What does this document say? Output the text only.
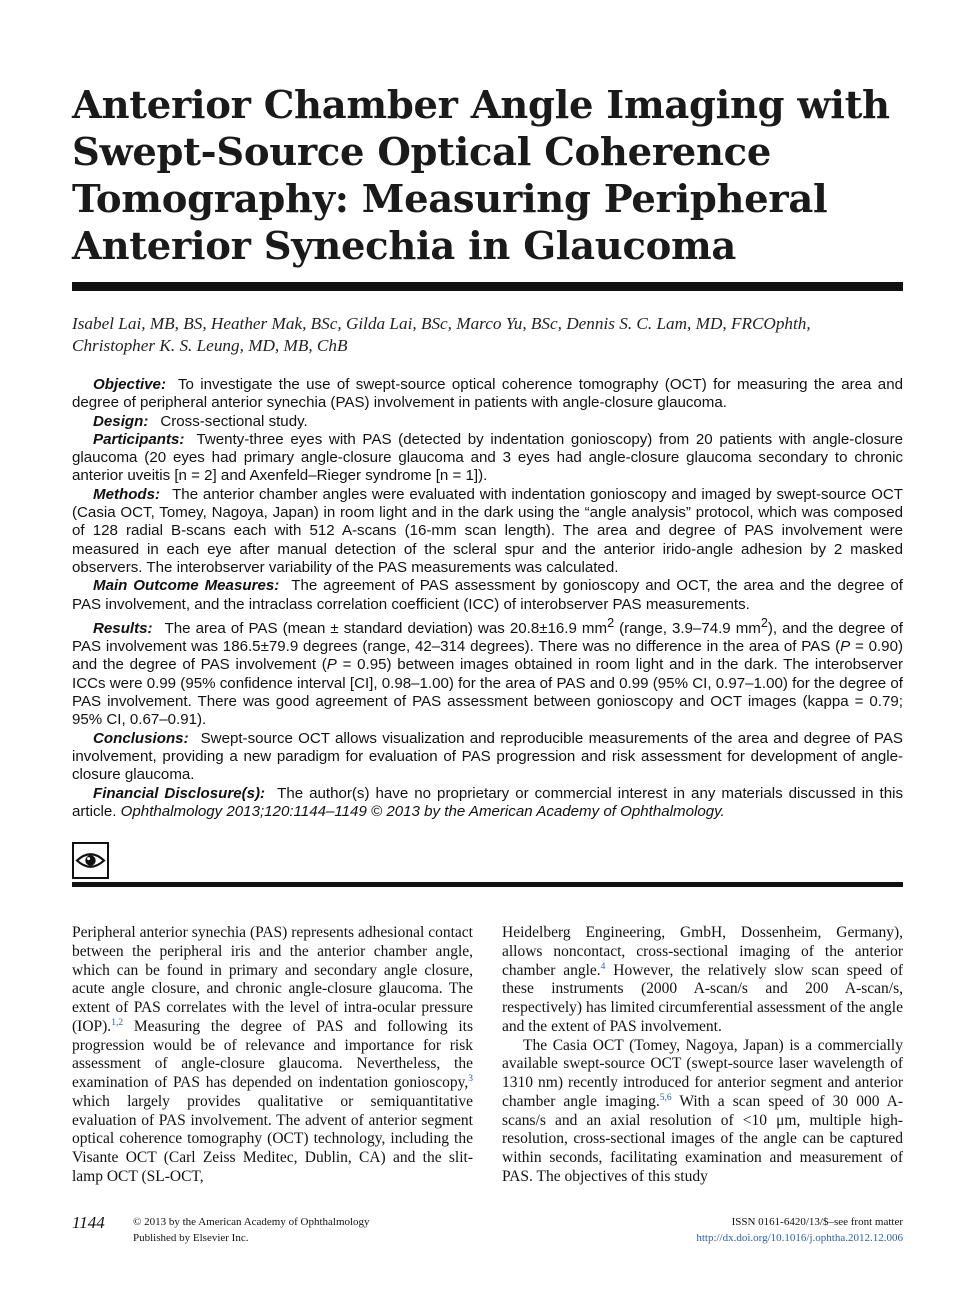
Anterior Chamber Angle Imaging with Swept-Source Optical Coherence Tomography: Measuring Peripheral Anterior Synechia in Glaucoma
Isabel Lai, MB, BS, Heather Mak, BSc, Gilda Lai, BSc, Marco Yu, BSc, Dennis S. C. Lam, MD, FRCOphth,
Christopher K. S. Leung, MD, MB, ChB

Objective: To investigate the use of swept-source optical coherence tomography (OCT) for measuring the area and degree of peripheral anterior synechia (PAS) involvement in patients with angle-closure glaucoma.

Design: Cross-sectional study.

Participants: Twenty-three eyes with PAS (detected by indentation gonioscopy) from 20 patients with angle-closure glaucoma (20 eyes had primary angle-closure glaucoma and 3 eyes had angle-closure glaucoma secondary to chronic anterior uveitis [n = 2] and Axenfeld–Rieger syndrome [n = 1]).

Methods: The anterior chamber angles were evaluated with indentation gonioscopy and imaged by swept-source OCT (Casia OCT, Tomey, Nagoya, Japan) in room light and in the dark using the “angle analysis” protocol, which was composed of 128 radial B-scans each with 512 A-scans (16-mm scan length). The area and degree of PAS involvement were measured in each eye after manual detection of the scleral spur and the anterior irido-angle adhesion by 2 masked observers. The interobserver variability of the PAS measurements was calculated.

Main Outcome Measures: The agreement of PAS assessment by gonioscopy and OCT, the area and the degree of PAS involvement, and the intraclass correlation coefficient (ICC) of interobserver PAS measurements.

Results: The area of PAS (mean ± standard deviation) was 20.8±16.9 $mm^2$ (range, 3.9–74.9 $mm^2$), and the degree of PAS involvement was 186.5±79.9 degrees (range, 42–314 degrees). There was no difference in the area of PAS (P = 0.90) and the degree of PAS involvement (P = 0.95) between images obtained in room light and in the dark. The interobserver ICCs were 0.99 (95% confidence interval [CI], 0.98–1.00) for the area of PAS and 0.99 (95% CI, 0.97–1.00) for the degree of PAS involvement. There was good agreement of PAS assessment between gonioscopy and OCT images (kappa = 0.79; 95% CI, 0.67–0.91).

Conclusions: Swept-source OCT allows visualization and reproducible measurements of the area and degree of PAS involvement, providing a new paradigm for evaluation of PAS progression and risk assessment for development of angle-closure glaucoma.

Financial Disclosure(s): The author(s) have no proprietary or commercial interest in any materials discussed in this article. Ophthalmology 2013;120:1144–1149 © 2013 by the American Academy of Ophthalmology.

Peripheral anterior synechia (PAS) represents adhesional contact between the peripheral iris and the anterior chamber angle, which can be found in primary and secondary angle closure, acute angle closure, and chronic angle-closure glaucoma. The extent of PAS correlates with the level of intra-ocular pressure (IOP).$^{1,2}$ Measuring the degree of PAS and following its progression would be of relevance and importance for risk assessment of angle-closure glaucoma. Nevertheless, the examination of PAS has depended on indentation gonioscopy,$^3$ which largely provides qualitative or semiquantitative evaluation of PAS involvement. The advent of anterior segment optical coherence tomography (OCT) technology, including the Visante OCT (Carl Zeiss Meditec, Dublin, CA) and the slit-lamp OCT (SL-OCT,

Heidelberg Engineering, GmbH, Dossenheim, Germany), allows noncontact, cross-sectional imaging of the anterior chamber angle.$^4$ However, the relatively slow scan speed of these instruments (2000 A-scan/s and 200 A-scan/s, respectively) has limited circumferential assessment of the angle and the extent of PAS involvement.

The Casia OCT (Tomey, Nagoya, Japan) is a commercially available swept-source OCT (swept-source laser wavelength of 1310 nm) recently introduced for anterior segment and anterior chamber angle imaging.$^{5,6}$ With a scan speed of 30 000 A-scans/s and an axial resolution of <10 μm, multiple high-resolution, cross-sectional images of the angle can be captured within seconds, facilitating examination and measurement of PAS. The objectives of this study

1144	© 2013 by the American Academy of Ophthalmology
Published by Elsevier Inc.
ISSN 0161-6420/13/$–see front matter
http://dx.doi.org/10.1016/j.ophtha.2012.12.006
